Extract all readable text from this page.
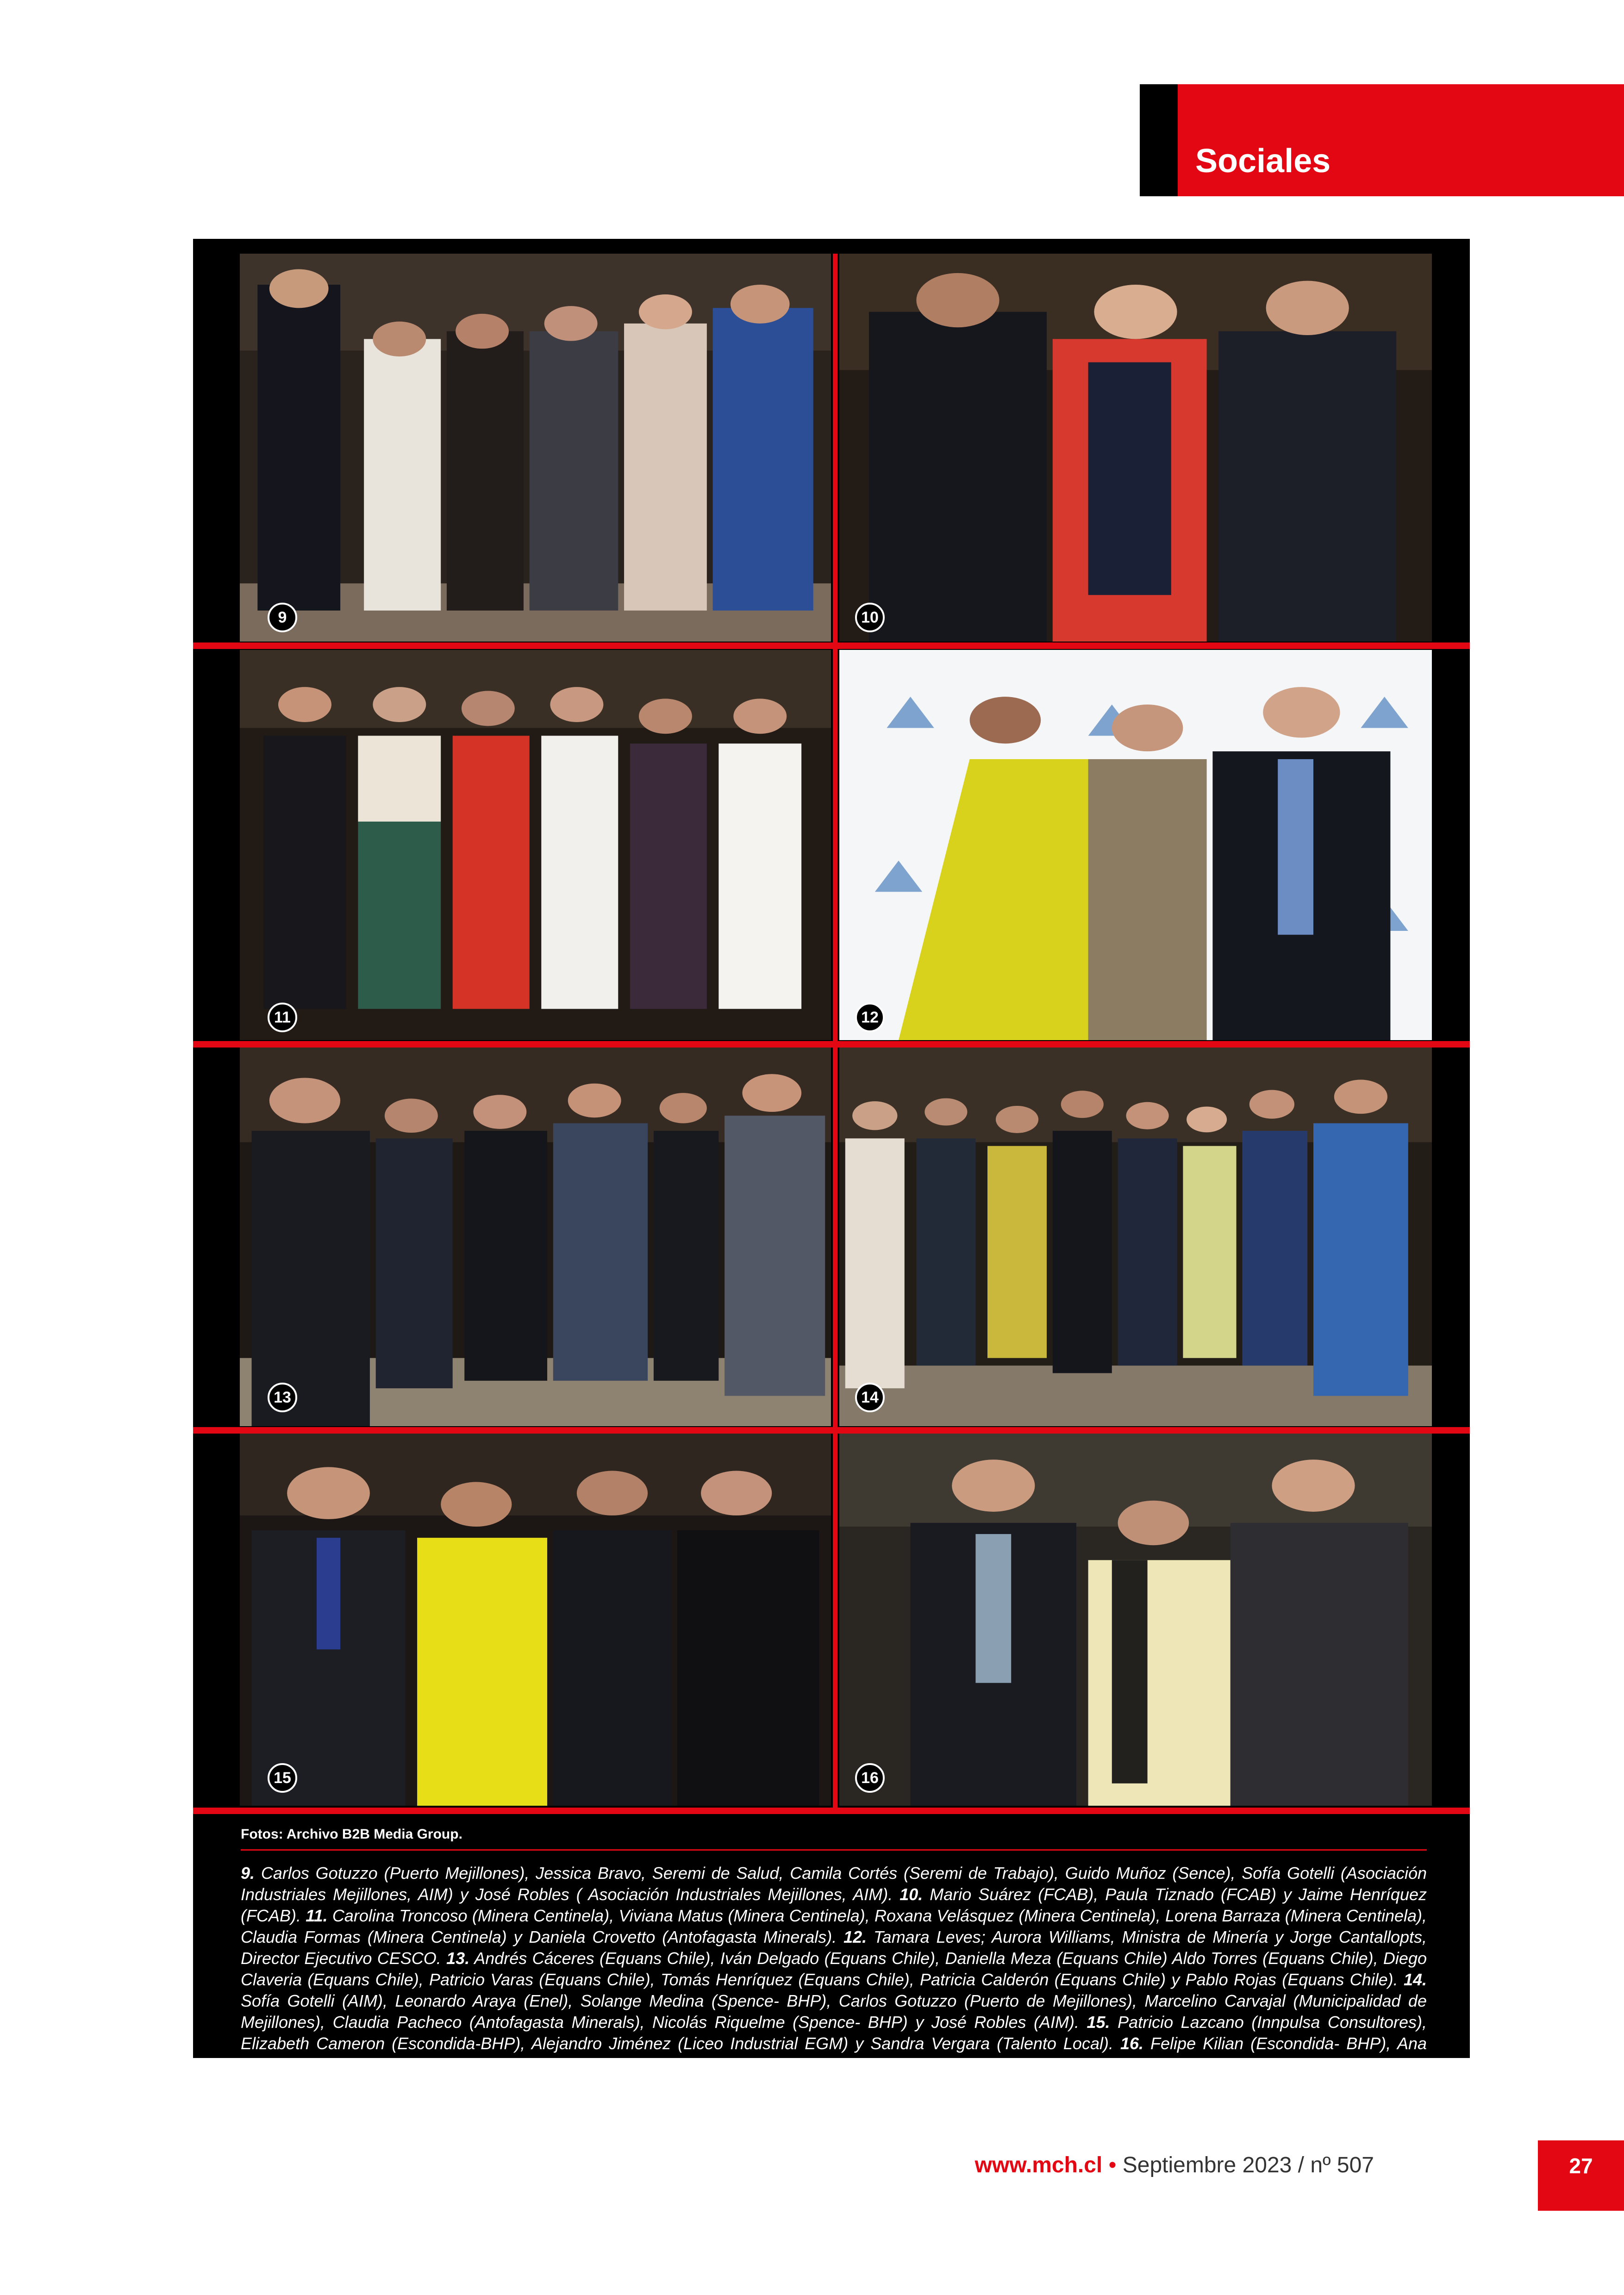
Sociales
9	10
11	12
13	14
15	16
Fotos: Archivo B2B Media Group.
9. Carlos Gotuzzo (Puerto Mejillones), Jessica Bravo, Seremi de Salud, Camila Cortés (Seremi de Trabajo), Guido Muñoz (Sence), Sofía Gotelli (Asociación Industriales Mejillones, AIM) y José Robles ( Asociación Industriales Mejillones, AIM). 10. Mario Suárez (FCAB), Paula Tiznado (FCAB) y Jaime Henríquez (FCAB). 11. Carolina Troncoso (Minera Centinela), Viviana Matus (Minera Centinela), Roxana Velásquez (Minera Centinela), Lorena Barraza (Minera Centinela), Claudia Formas (Minera Centinela) y Daniela Crovetto (Antofagasta Minerals). 12. Tamara Leves; Aurora Williams, Ministra de Minería y Jorge Cantallopts, Director Ejecutivo CESCO. 13. Andrés Cáceres (Equans Chile), Iván Delgado (Equans Chile), Daniella Meza (Equans Chile) Aldo Torres (Equans Chile), Diego Claveria (Equans Chile), Patricio Varas (Equans Chile), Tomás Henríquez (Equans Chile), Patricia Calderón (Equans Chile) y Pablo Rojas (Equans Chile). 14. Sofía Gotelli (AIM), Leonardo Araya (Enel), Solange Medina (Spence- BHP), Carlos Gotuzzo (Puerto de Mejillones), Marcelino Carvajal (Municipalidad de Mejillones), Claudia Pacheco (Antofagasta Minerals), Nicolás Riquelme (Spence- BHP) y José Robles (AIM). 15. Patricio Lazcano (Innpulsa Consultores), Elizabeth Cameron (Escondida-BHP), Alejandro Jiménez (Liceo Industrial EGM) y Sandra Vergara (Talento Local). 16. Felipe Kilian (Escondida- BHP), Ana Salazar (WIM Chile) y Cristian Barrientos (Minera HMC SA.).
www.mch.cl • Septiembre 2023 / nº 507	27
